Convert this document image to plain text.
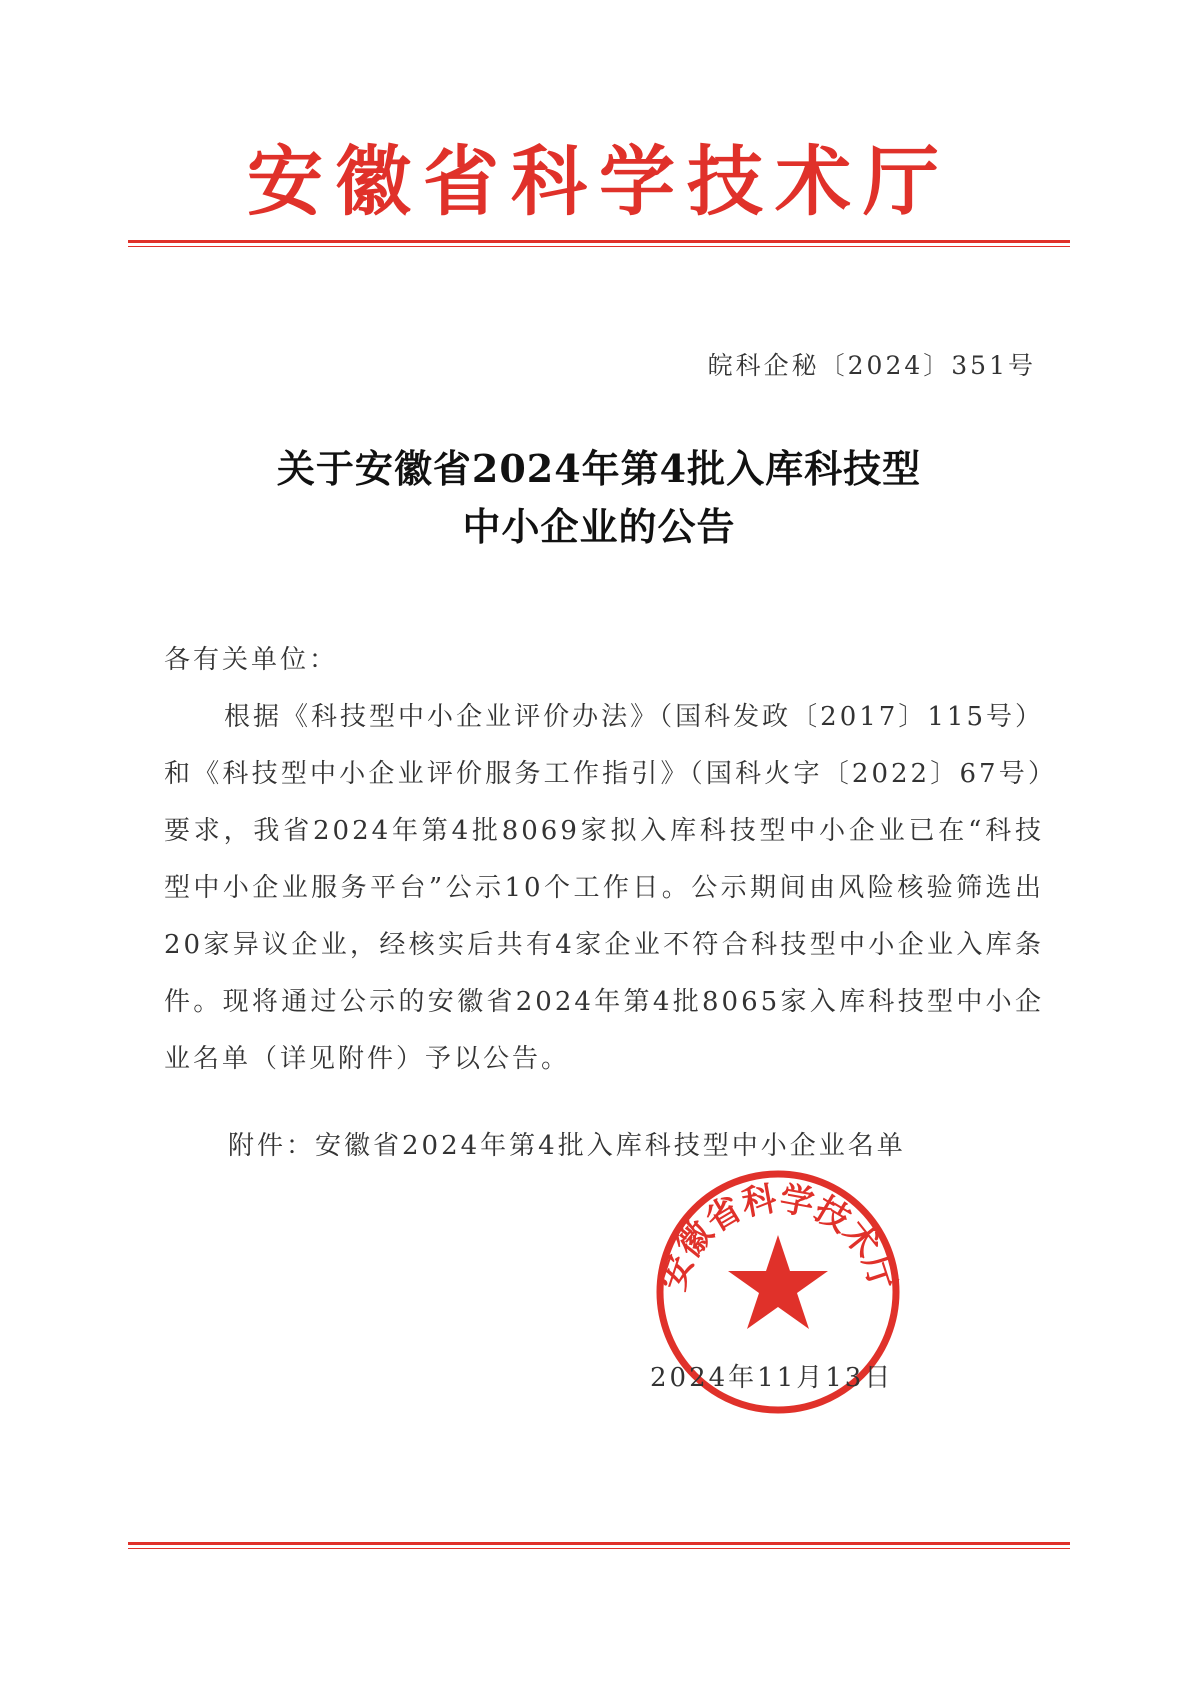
安徽省科学技术厅
皖科企秘〔2024〕351号
关于安徽省2024年第4批入库科技型
中小企业的公告

各有关单位：

根据《科技型中小企业评价办法》（国科发政〔2017〕115号）和《科技型中小企业评价服务工作指引》（国科火字〔2022〕67号）要求，我省2024年第4批8069家拟入库科技型中小企业已在“科技型中小企业服务平台”公示10个工作日。公示期间由风险核验筛选出20家异议企业，经核实后共有4家企业不符合科技型中小企业入库条件。现将通过公示的安徽省2024年第4批8065家入库科技型中小企业名单（详见附件）予以公告。

附件：安徽省2024年第4批入库科技型中小企业名单
安徽省科学技术厅
2024年11月13日
